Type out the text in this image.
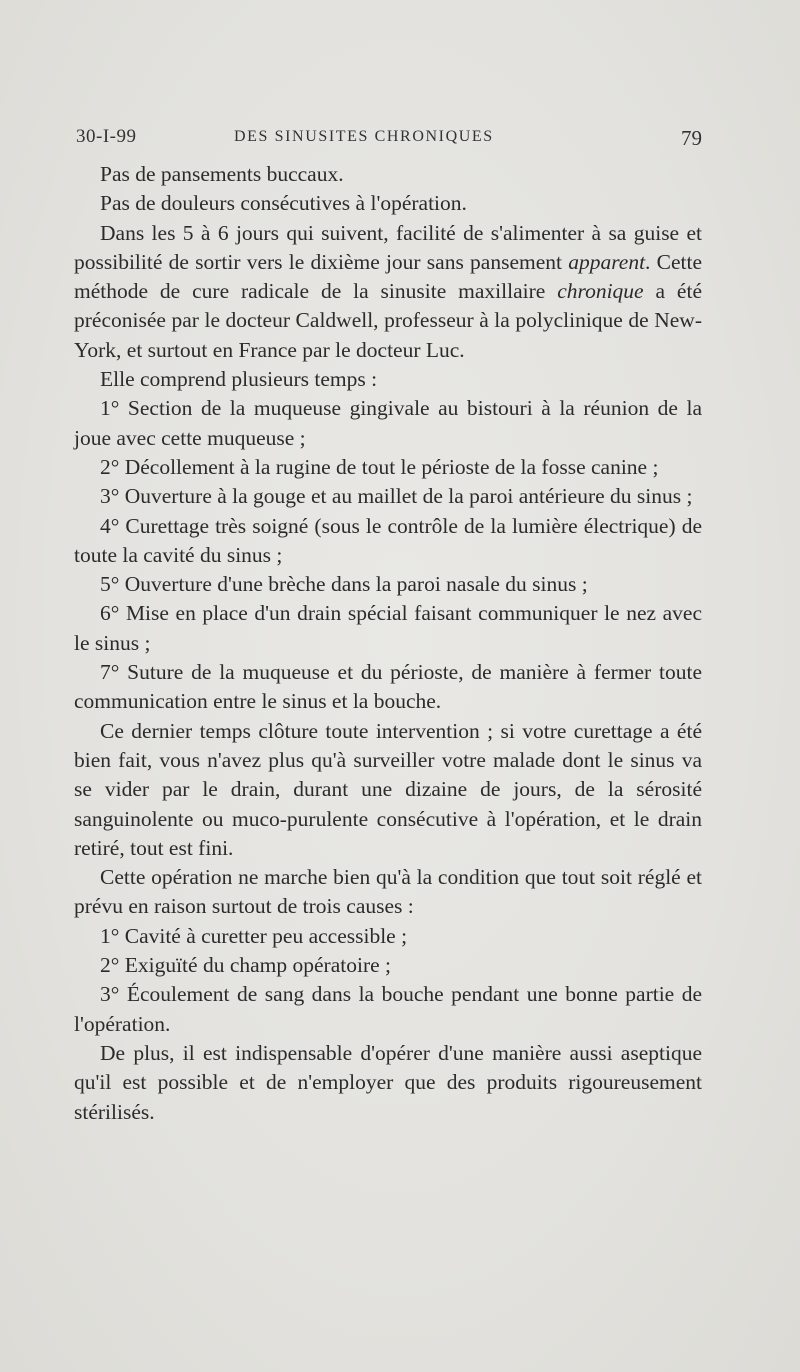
30-I-99	DES SINUSITES CHRONIQUES	79

Pas de pansements buccaux.

Pas de douleurs consécutives à l'opération.

Dans les 5 à 6 jours qui suivent, facilité de s'alimenter à sa guise et possibilité de sortir vers le dixième jour sans pansement apparent. Cette méthode de cure radicale de la sinusite maxillaire chronique a été préconisée par le docteur Caldwell, professeur à la polyclinique de New-York, et surtout en France par le docteur Luc.

Elle comprend plusieurs temps :

1° Section de la muqueuse gingivale au bistouri à la réunion de la joue avec cette muqueuse ;

2° Décollement à la rugine de tout le périoste de la fosse canine ;

3° Ouverture à la gouge et au maillet de la paroi antérieure du sinus ;

4° Curettage très soigné (sous le contrôle de la lumière électrique) de toute la cavité du sinus ;

5° Ouverture d'une brèche dans la paroi nasale du sinus ;

6° Mise en place d'un drain spécial faisant communiquer le nez avec le sinus ;

7° Suture de la muqueuse et du périoste, de manière à fermer toute communication entre le sinus et la bouche.

Ce dernier temps clôture toute intervention ; si votre curettage a été bien fait, vous n'avez plus qu'à surveiller votre malade dont le sinus va se vider par le drain, durant une dizaine de jours, de la sérosité sanguinolente ou muco-purulente consécutive à l'opération, et le drain retiré, tout est fini.

Cette opération ne marche bien qu'à la condition que tout soit réglé et prévu en raison surtout de trois causes :

1° Cavité à curetter peu accessible ;

2° Exiguïté du champ opératoire ;

3° Écoulement de sang dans la bouche pendant une bonne partie de l'opération.

De plus, il est indispensable d'opérer d'une manière aussi aseptique qu'il est possible et de n'employer que des produits rigoureusement stérilisés.
